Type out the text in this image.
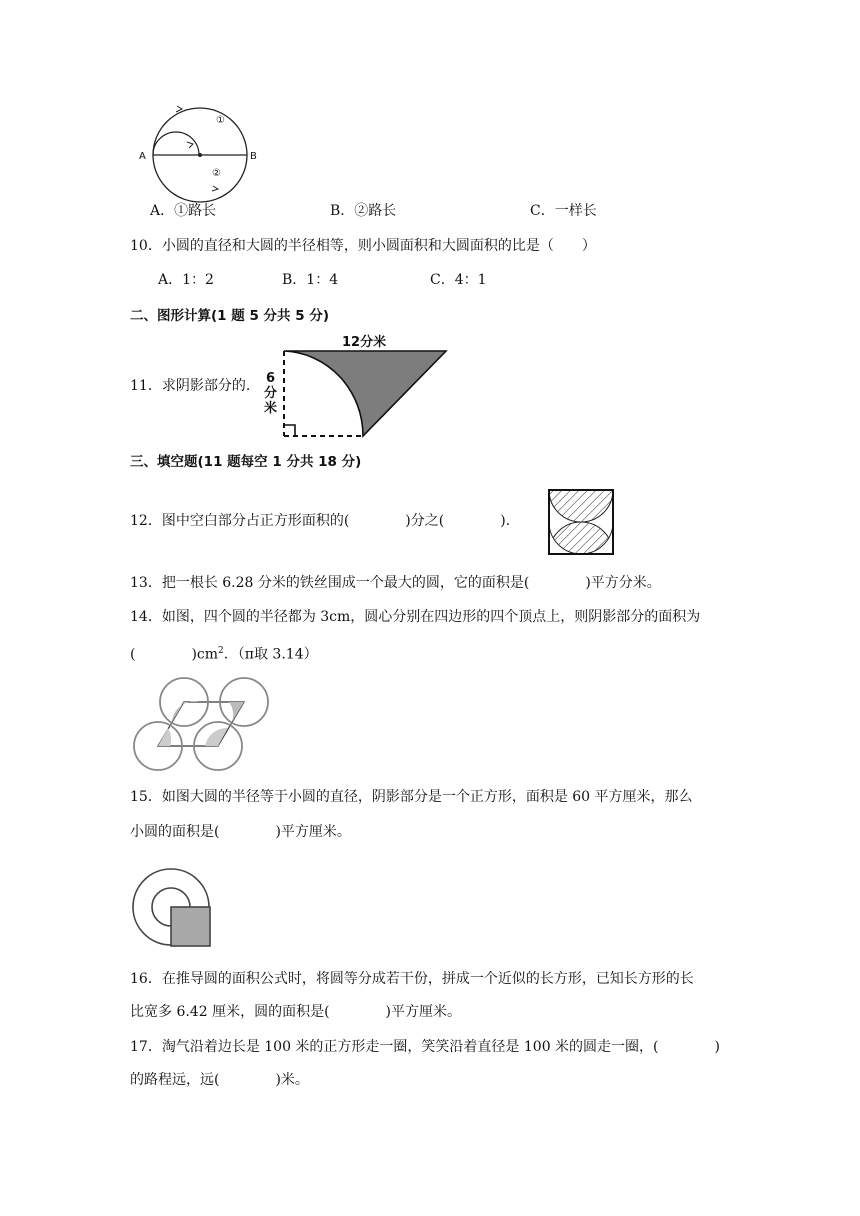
①
②
A	B
A．①路长	B．②路长	C．一样长
10．小圆的直径和大圆的半径相等，则小圆面积和大圆面积的比是（　　）
A．1：2	B．1：4	C．4：1
二、图形计算(1 题 5 分共 5 分)
11．求阴影部分的.
12分米
6
分
米
三、填空题(11 题每空 1 分共 18 分)
12．图中空白部分占正方形面积的(　　　　)分之(　　　　).
13．把一根长 6.28 分米的铁丝围成一个最大的圆，它的面积是(　　　　)平方分米。
14．如图，四个圆的半径都为 3cm，圆心分别在四边形的四个顶点上，则阴影部分的面积为
(　　　　)$cm^2$．（π取 3.14）
15．如图大圆的半径等于小圆的直径，阴影部分是一个正方形，面积是 60 平方厘米，那么
小圆的面积是(　　　　)平方厘米。
16．在推导圆的面积公式时，将圆等分成若干份，拼成一个近似的长方形，已知长方形的长
比宽多 6.42 厘米，圆的面积是(　　　　)平方厘米。
17．淘气沿着边长是 100 米的正方形走一圈，笑笑沿着直径是 100 米的圆走一圈，(　　　　)
的路程远，远(　　　　)米。
